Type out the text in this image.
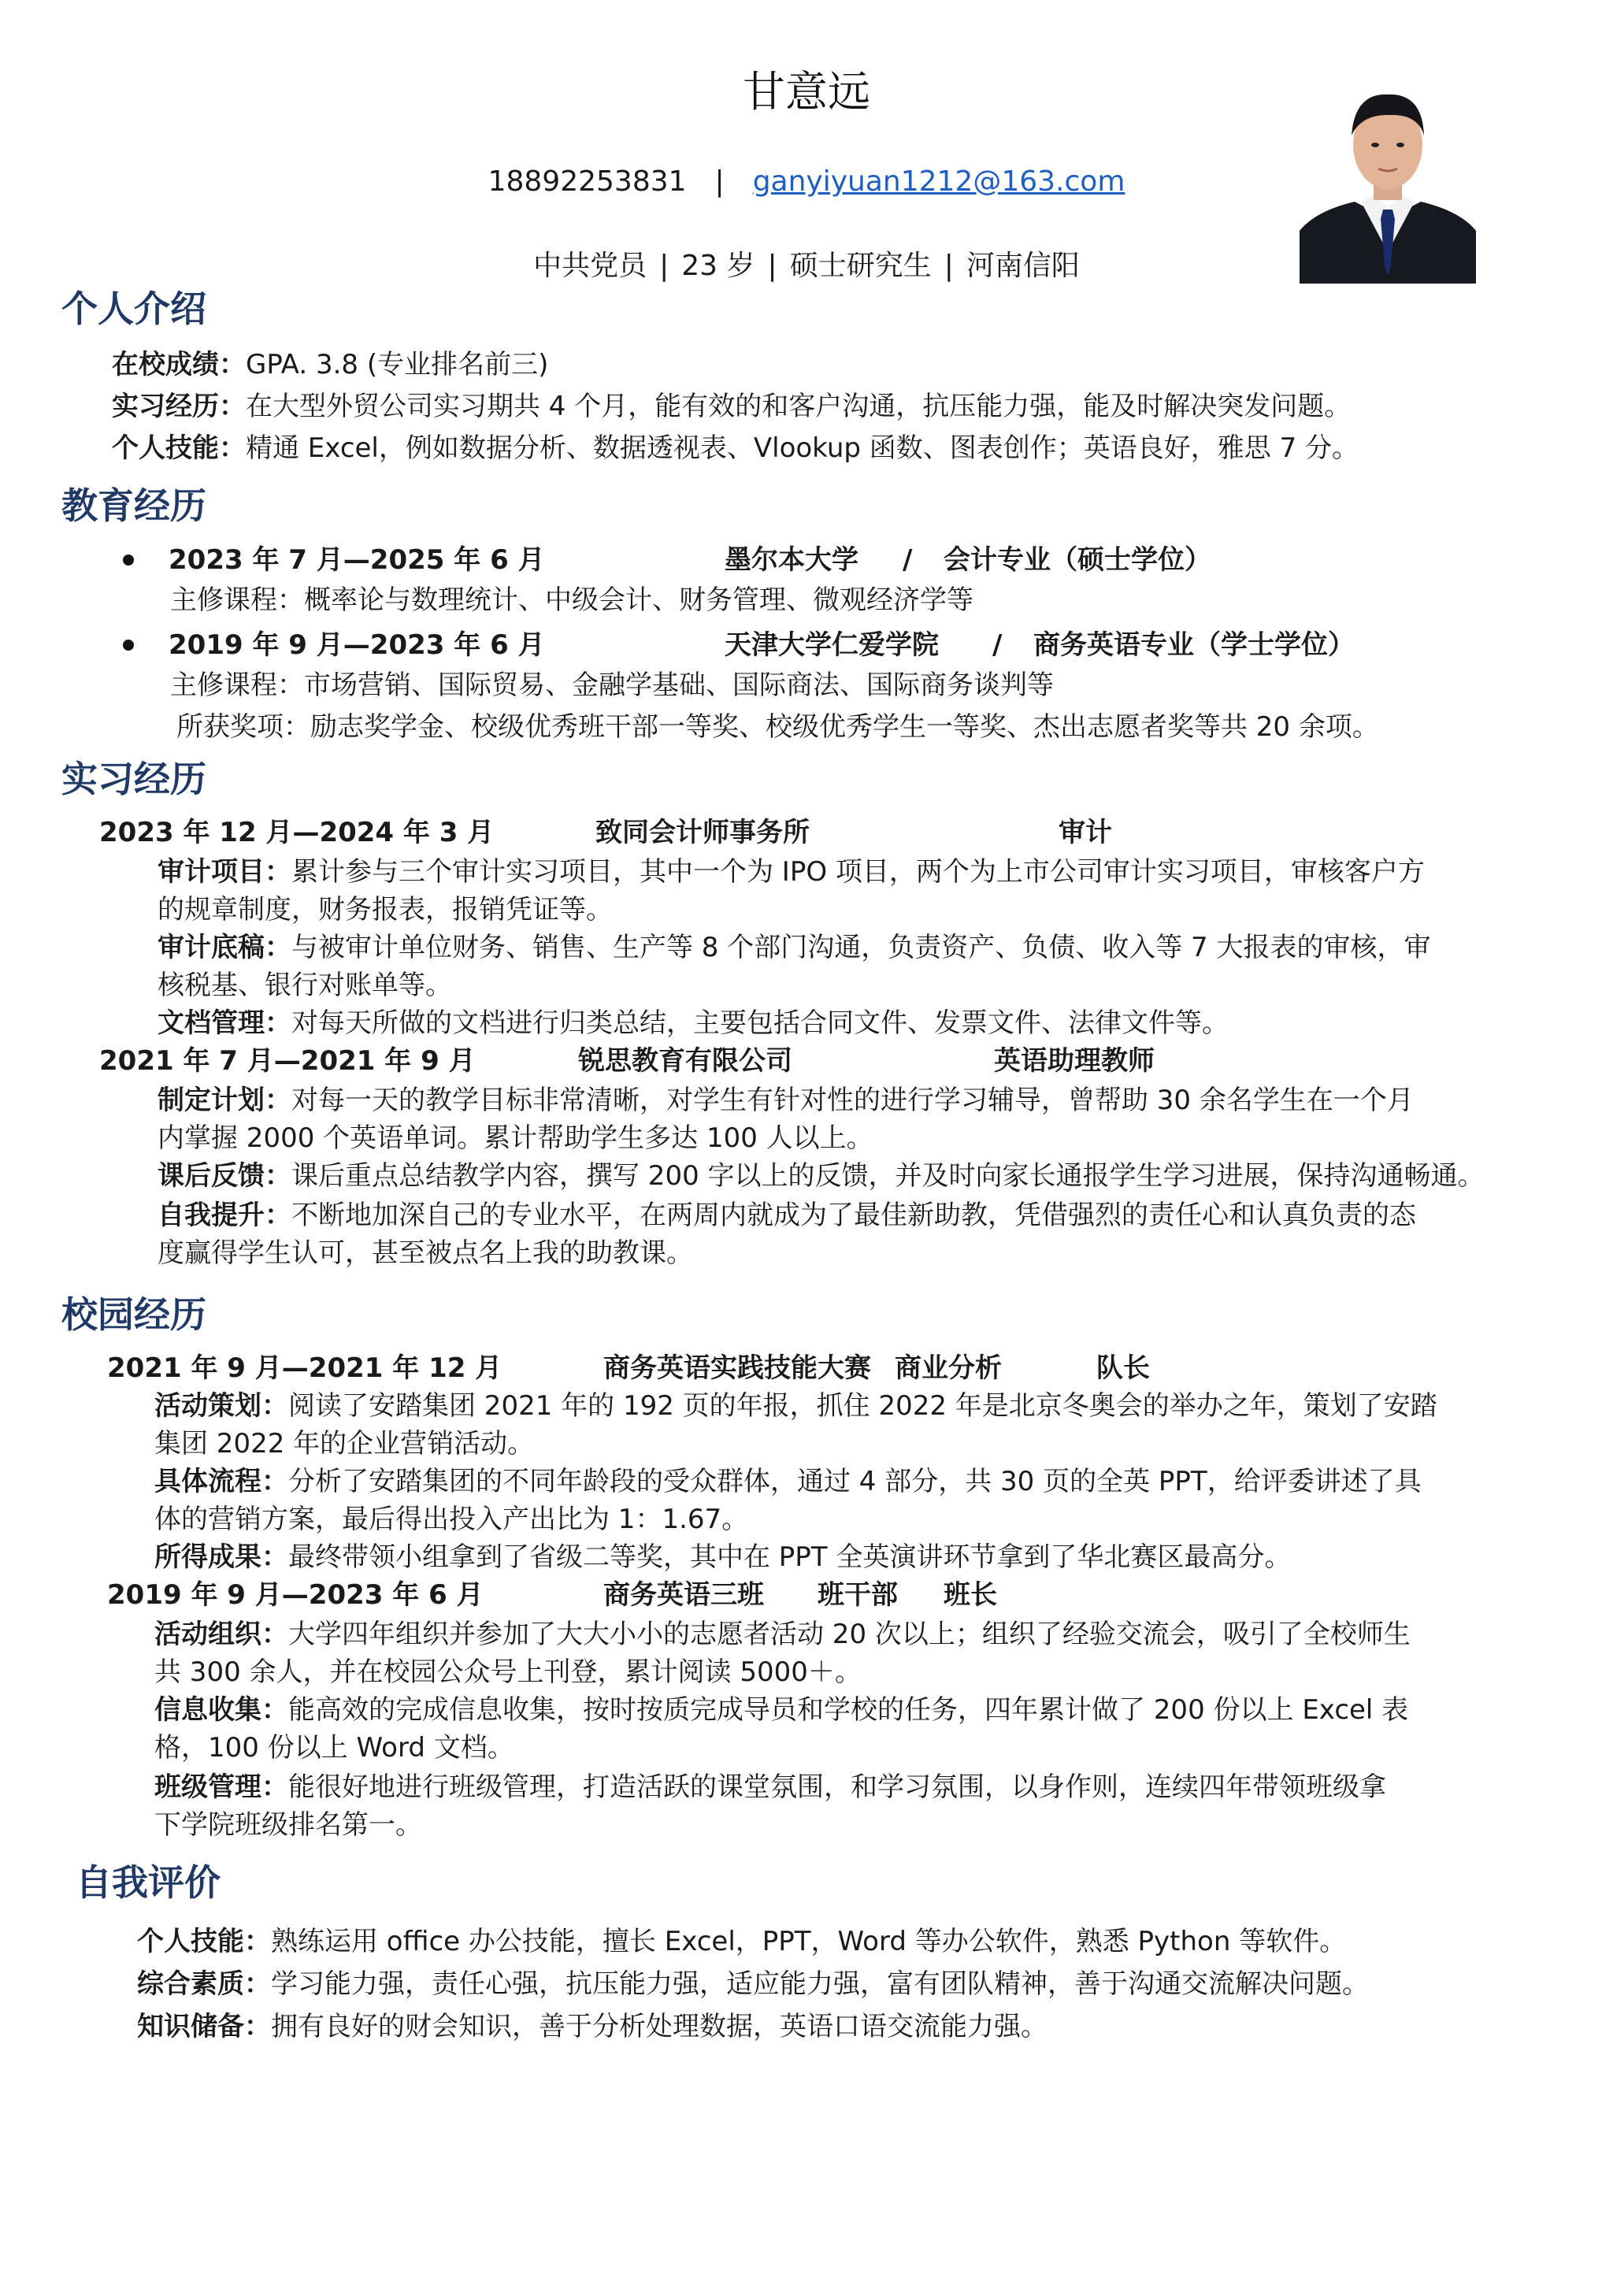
甘意远
18892253831 | ganyiyuan1212@163.com
中共党员 | 23 岁 | 硕士研究生 | 河南信阳
个人介绍
在校成绩：GPA. 3.8 (专业排名前三)
实习经历：在大型外贸公司实习期共 4 个月，能有效的和客户沟通，抗压能力强，能及时解决突发问题。
个人技能：精通 Excel，例如数据分析、数据透视表、Vlookup 函数、图表创作；英语良好，雅思 7 分。
教育经历
2023 年 7 月—2025 年 6 月	墨尔本大学 / 会计专业（硕士学位）
主修课程：概率论与数理统计、中级会计、财务管理、微观经济学等
2019 年 9 月—2023 年 6 月	天津大学仁爱学院 / 商务英语专业（学士学位）
主修课程：市场营销、国际贸易、金融学基础、国际商法、国际商务谈判等
所获奖项：励志奖学金、校级优秀班干部一等奖、校级优秀学生一等奖、杰出志愿者奖等共 20 余项。
实习经历
2023 年 12 月—2024 年 3 月	致同会计师事务所	审计
审计项目：累计参与三个审计实习项目，其中一个为 IPO 项目，两个为上市公司审计实习项目，审核客户方
的规章制度，财务报表，报销凭证等。
审计底稿：与被审计单位财务、销售、生产等 8 个部门沟通，负责资产、负债、收入等 7 大报表的审核，审
核税基、银行对账单等。
文档管理：对每天所做的文档进行归类总结，主要包括合同文件、发票文件、法律文件等。
2021 年 7 月—2021 年 9 月	锐思教育有限公司	英语助理教师
制定计划：对每一天的教学目标非常清晰，对学生有针对性的进行学习辅导，曾帮助 30 余名学生在一个月
内掌握 2000 个英语单词。累计帮助学生多达 100 人以上。
课后反馈：课后重点总结教学内容，撰写 200 字以上的反馈，并及时向家长通报学生学习进展，保持沟通畅通。
自我提升：不断地加深自己的专业水平，在两周内就成为了最佳新助教，凭借强烈的责任心和认真负责的态
度赢得学生认可，甚至被点名上我的助教课。
校园经历
2021 年 9 月—2021 年 12 月	商务英语实践技能大赛 商业分析	队长
活动策划：阅读了安踏集团 2021 年的 192 页的年报，抓住 2022 年是北京冬奥会的举办之年，策划了安踏
集团 2022 年的企业营销活动。
具体流程：分析了安踏集团的不同年龄段的受众群体，通过 4 部分，共 30 页的全英 PPT，给评委讲述了具
体的营销方案，最后得出投入产出比为 1：1.67。
所得成果：最终带领小组拿到了省级二等奖，其中在 PPT 全英演讲环节拿到了华北赛区最高分。
2019 年 9 月—2023 年 6 月	商务英语三班 班干部 班长
活动组织：大学四年组织并参加了大大小小的志愿者活动 20 次以上；组织了经验交流会，吸引了全校师生
共 300 余人，并在校园公众号上刊登，累计阅读 5000＋。
信息收集：能高效的完成信息收集，按时按质完成导员和学校的任务，四年累计做了 200 份以上 Excel 表
格，100 份以上 Word 文档。
班级管理：能很好地进行班级管理，打造活跃的课堂氛围，和学习氛围，以身作则，连续四年带领班级拿
下学院班级排名第一。
自我评价
个人技能：熟练运用 office 办公技能，擅长 Excel，PPT，Word 等办公软件，熟悉 Python 等软件。
综合素质：学习能力强，责任心强，抗压能力强，适应能力强，富有团队精神，善于沟通交流解决问题。
知识储备：拥有良好的财会知识，善于分析处理数据，英语口语交流能力强。
